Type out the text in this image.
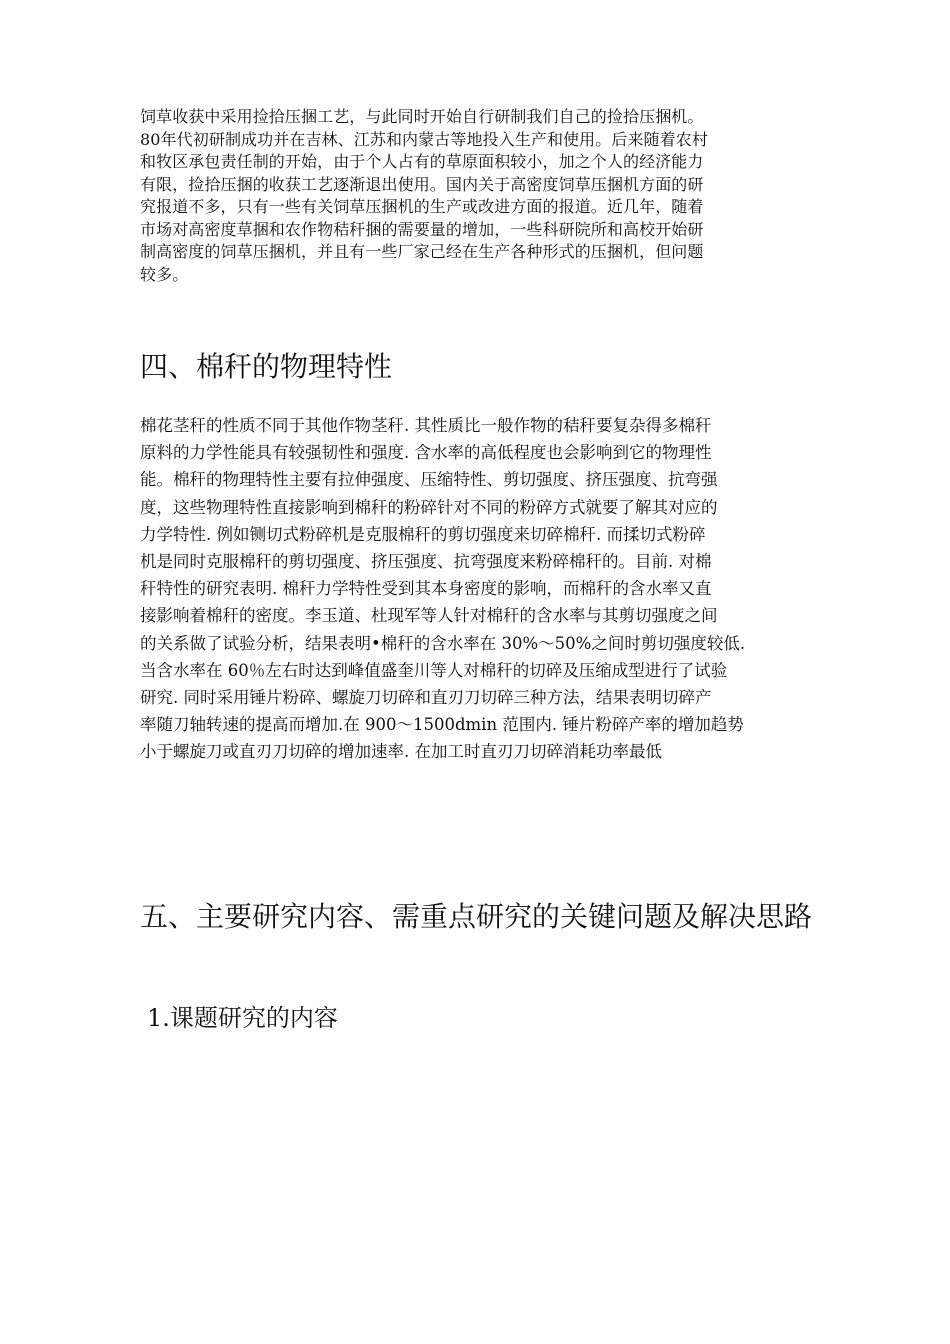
饲草收获中采用捡拾压捆工艺，与此同时开始自行研制我们自己的捡拾压捆机。
80年代初研制成功并在吉林、江苏和内蒙古等地投入生产和使用。后来随着农村
和牧区承包责任制的开始，由于个人占有的草原面积较小，加之个人的经济能力
有限，捡拾压捆的收获工艺逐渐退出使用。国内关于高密度饲草压捆机方面的研
究报道不多，只有一些有关饲草压捆机的生产或改进方面的报道。近几年，随着
市场对高密度草捆和农作物秸秆捆的需要量的增加，一些科研院所和高校开始研
制高密度的饲草压捆机，并且有一些厂家己经在生产各种形式的压捆机，但问题
较多。
四、棉秆的物理特性
棉花茎秆的性质不同于其他作物茎秆. 其性质比一般作物的秸秆要复杂得多棉秆
原料的力学性能具有较强韧性和强度. 含水率的高低程度也会影响到它的物理性
能。棉秆的物理特性主要有拉伸强度、压缩特性、剪切强度、挤压强度、抗弯强
度，这些物理特性直接影响到棉秆的粉碎针对不同的粉碎方式就要了解其对应的
力学特性. 例如铡切式粉碎机是克服棉秆的剪切强度来切碎棉秆. 而揉切式粉碎
机是同时克服棉秆的剪切强度、挤压强度、抗弯强度来粉碎棉秆的。目前. 对棉
秆特性的研究表明. 棉秆力学特性受到其本身密度的影响，而棉秆的含水率又直
接影响着棉秆的密度。李玉道、杜现军等人针对棉秆的含水率与其剪切强度之间
的关系做了试验分析，结果表明•棉秆的含水率在 30%～50%之间时剪切强度较低.
当含水率在 60％左右时达到峰值盛奎川等人对棉秆的切碎及压缩成型进行了试验
研究. 同时采用锤片粉碎、螺旋刀切碎和直刃刀切碎三种方法，结果表明切碎产
率随刀轴转速的提高而增加.在 900～1500dmin 范围内. 锤片粉碎产率的增加趋势
小于螺旋刀或直刃刀切碎的增加速率. 在加工时直刃刀切碎消耗功率最低
五、主要研究内容、需重点研究的关键问题及解决思路
1.课题研究的内容
